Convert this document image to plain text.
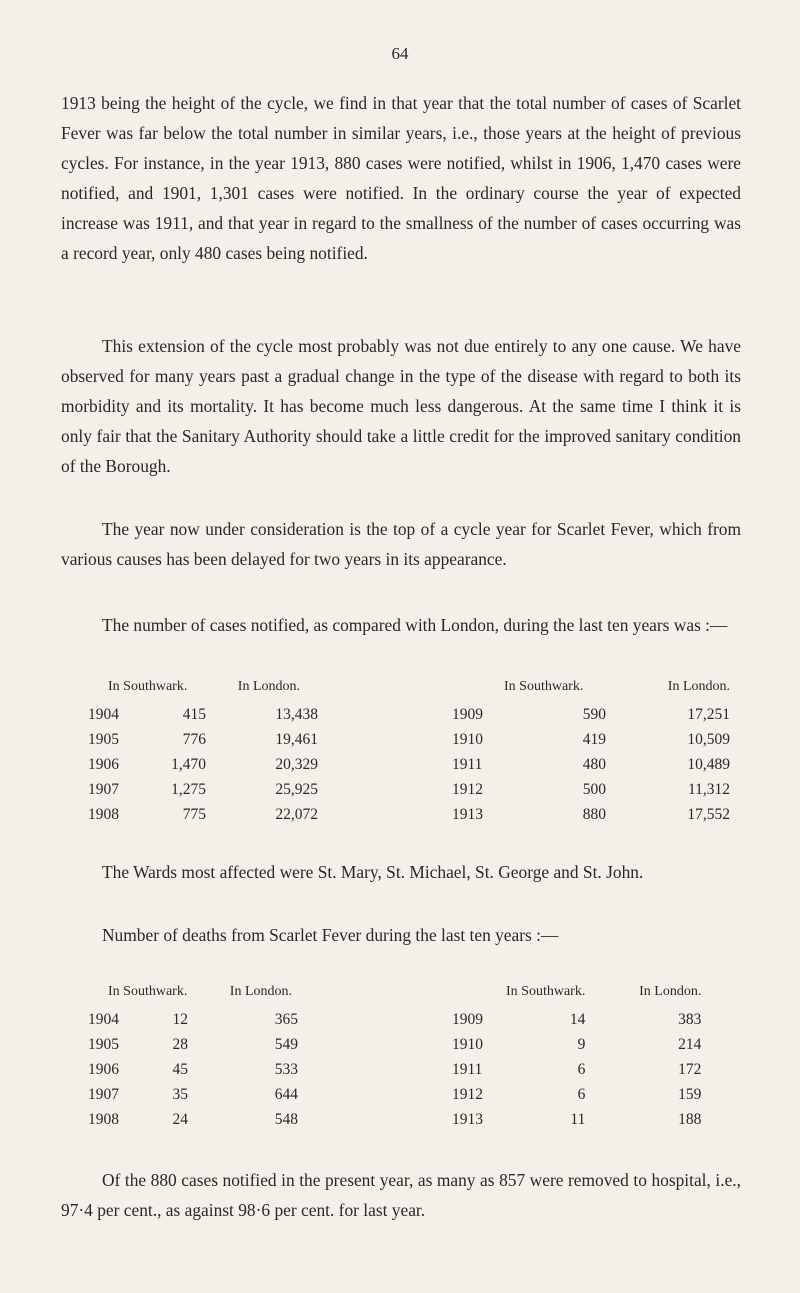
64

1913 being the height of the cycle, we find in that year that the total number of cases of Scarlet Fever was far below the total number in similar years, i.e., those years at the height of previous cycles. For instance, in the year 1913, 880 cases were notified, whilst in 1906, 1,470 cases were notified, and 1901, 1,301 cases were notified. In the ordinary course the year of expected increase was 1911, and that year in regard to the smallness of the number of cases occurring was a record year, only 480 cases being notified.

This extension of the cycle most probably was not due entirely to any one cause. We have observed for many years past a gradual change in the type of the disease with regard to both its morbidity and its mortality. It has become much less dangerous. At the same time I think it is only fair that the Sanitary Authority should take a little credit for the improved sanitary condition of the Borough.

The year now under consideration is the top of a cycle year for Scarlet Fever, which from various causes has been delayed for two years in its appearance.

The number of cases notified, as compared with London, during the last ten years was :—

	In Southwark.	In London.
1904	415	13,438
1905	776	19,461
1906	1,470	20,329
1907	1,275	25,925
1908	775	22,072
	In Southwark.	In London.
1909	590	17,251
1910	419	10,509
1911	480	10,489
1912	500	11,312
1913	880	17,552

The Wards most affected were St. Mary, St. Michael, St. George and St. John.

Number of deaths from Scarlet Fever during the last ten years :—

	In Southwark.	In London.
1904	12	365
1905	28	549
1906	45	533
1907	35	644
1908	24	548
	In Southwark.	In London.
1909	14	383
1910	9	214
1911	6	172
1912	6	159
1913	11	188

Of the 880 cases notified in the present year, as many as 857 were removed to hospital, i.e., 97·4 per cent., as against 98·6 per cent. for last year.
